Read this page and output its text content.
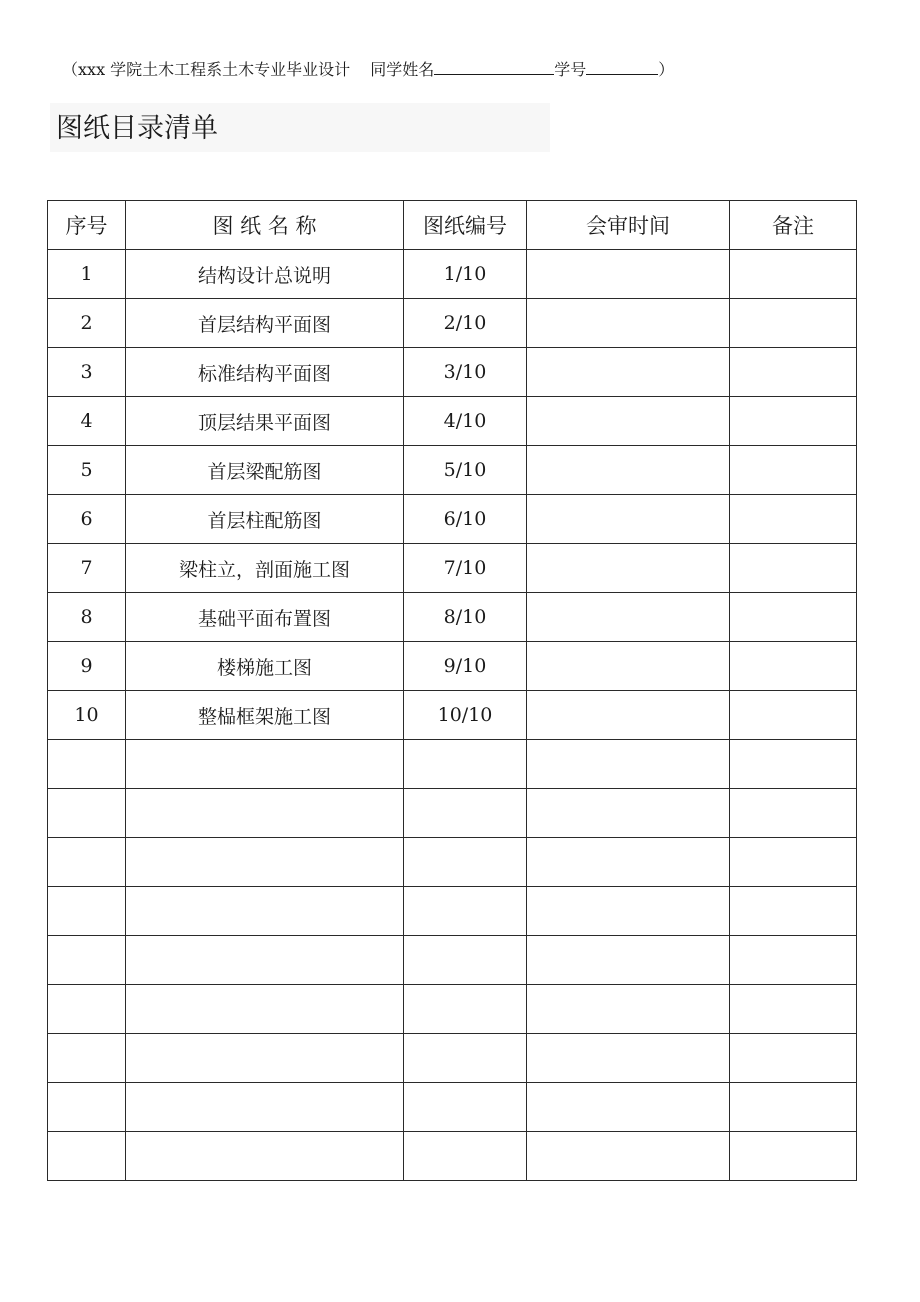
（ xxx 学院土木工程系土木专业毕业设计 同学姓名	学号	）
图纸目录清单
序号	图 纸 名 称	图纸编号	会审时间	备注
1	结构设计总说明	1/10		
2	首层结构平面图	2/10		
3	标准结构平面图	3/10		
4	顶层结果平面图	4/10		
5	首层梁配筋图	5/10		
6	首层柱配筋图	6/10		
7	梁柱立，剖面施工图	7/10		
8	基础平面布置图	8/10		
9	楼梯施工图	9/10		
10	整榀框架施工图	10/10		
